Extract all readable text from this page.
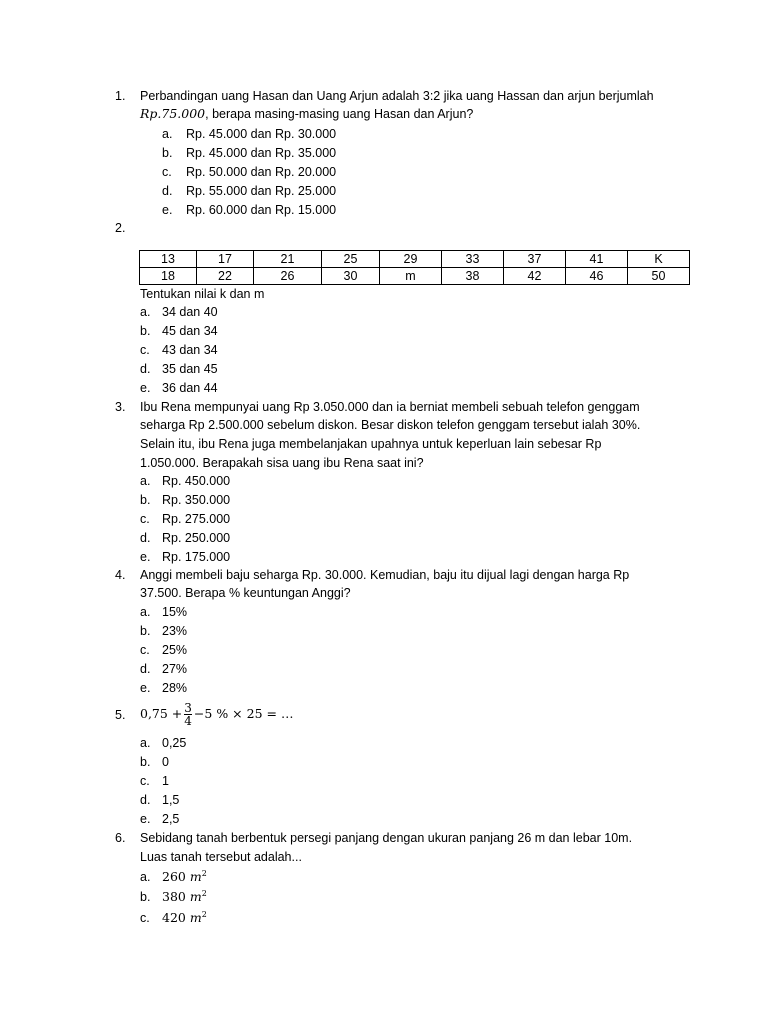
1. Perbandingan uang Hasan dan Uang Arjun adalah 3:2 jika uang Hassan dan arjun berjumlah
Rp.75.000, berapa masing-masing uang Hasan dan Arjun?
a. Rp. 45.000 dan Rp. 30.000
b. Rp. 45.000 dan Rp. 35.000
c. Rp. 50.000 dan Rp. 20.000
d. Rp. 55.000 dan Rp. 25.000
e. Rp. 60.000 dan Rp. 15.000
2.
13	17	21	25	29	33	37	41	K
18	22	26	30	m	38	42	46	50
Tentukan nilai k dan m
a. 34 dan 40
b. 45 dan 34
c. 43 dan 34
d. 35 dan 45
e. 36 dan 44
3. Ibu Rena mempunyai uang Rp 3.050.000 dan ia berniat membeli sebuah telefon genggam
seharga Rp 2.500.000 sebelum diskon. Besar diskon telefon genggam tersebut ialah 30%.
Selain itu, ibu Rena juga membelanjakan upahnya untuk keperluan lain sebesar Rp
1.050.000. Berapakah sisa uang ibu Rena saat ini?
a. Rp. 450.000
b. Rp. 350.000
c. Rp. 275.000
d. Rp. 250.000
e. Rp. 175.000
4. Anggi membeli baju seharga Rp. 30.000. Kemudian, baju itu dijual lagi dengan harga Rp
37.500. Berapa % keuntungan Anggi?
a. 15%
b. 23%
c. 25%
d. 27%
e. 28%
5. $0,75 + \frac{3}{4} -5$ % × 25 = …
a. 0,25
b. 0
c. 1
d. 1,5
e. 2,5
6. Sebidang tanah berbentuk persegi panjang dengan ukuran panjang 26 m dan lebar 10m.
Luas tanah tersebut adalah...
a. 260 $m^2$
b. 380 $m^2$
c. 420 $m^2$
